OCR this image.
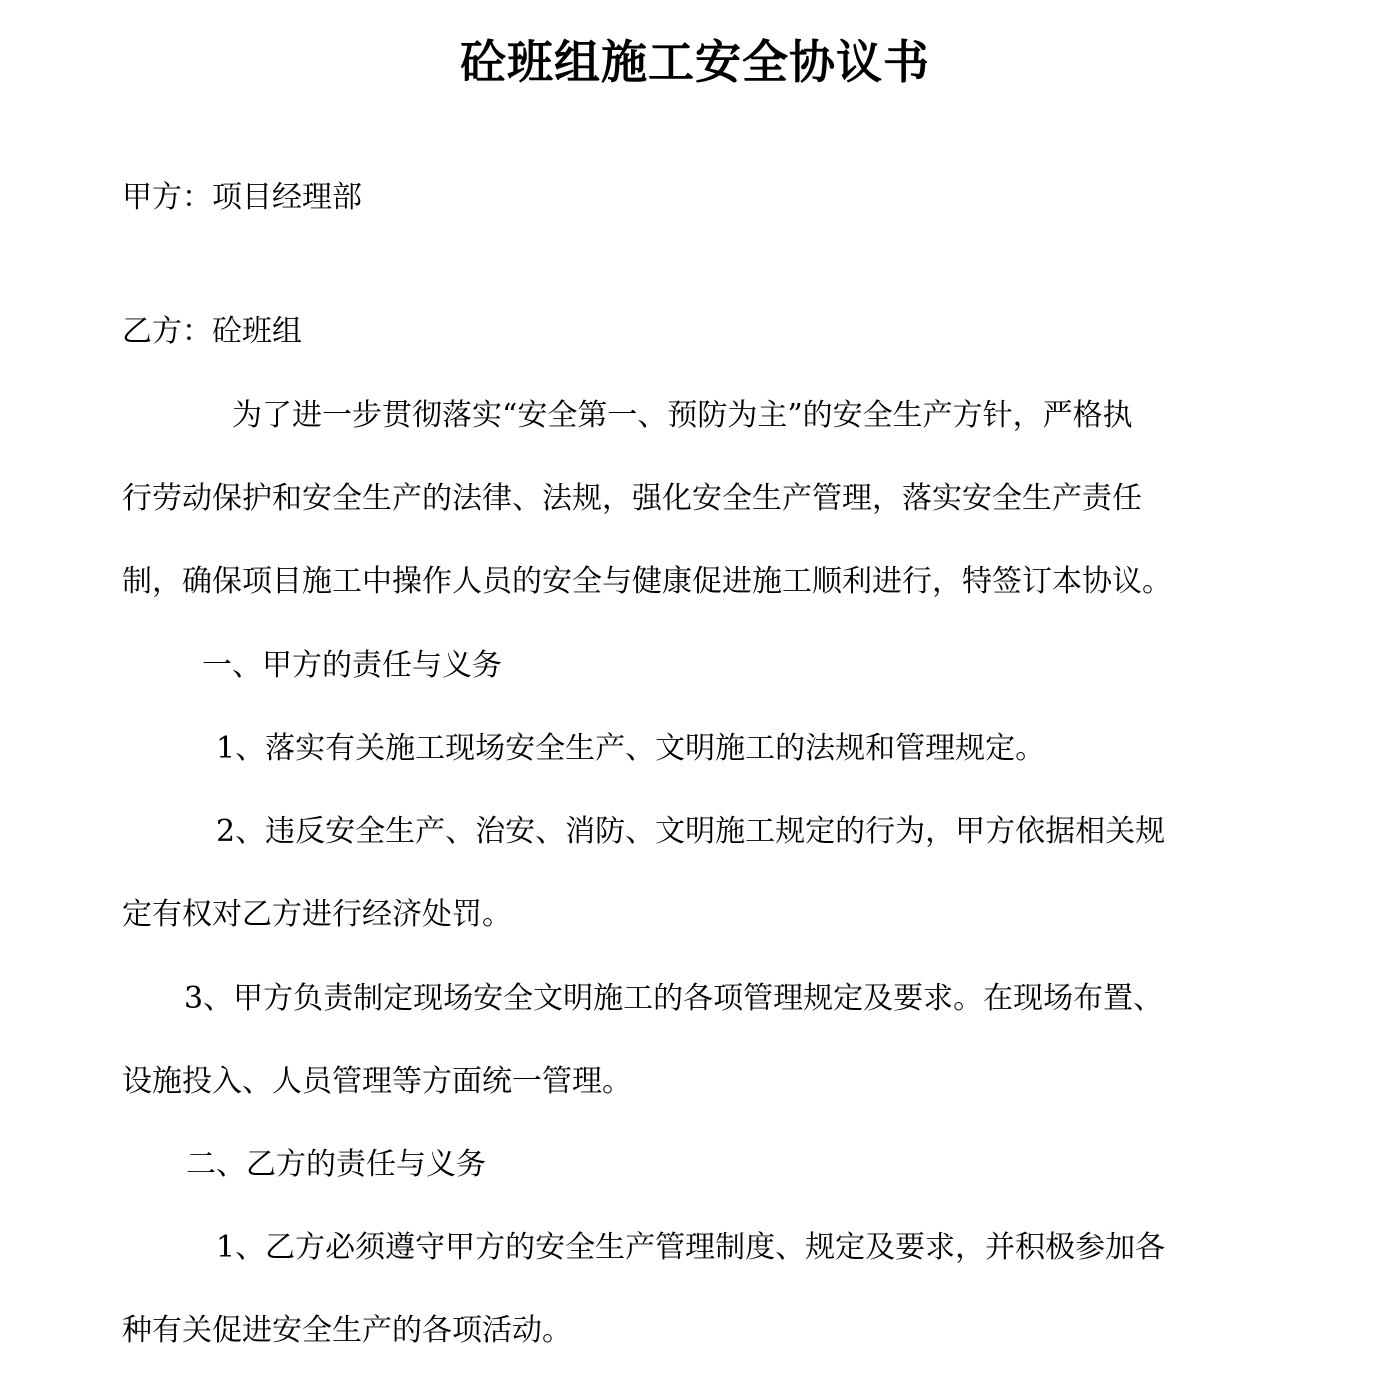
砼班组施工安全协议书
甲方：项目经理部
乙方：砼班组
为了进一步贯彻落实“安全第一、预防为主”的安全生产方针，严格执
行劳动保护和安全生产的法律、法规，强化安全生产管理，落实安全生产责任
制，确保项目施工中操作人员的安全与健康促进施工顺利进行，特签订本协议。
一、甲方的责任与义务
1、落实有关施工现场安全生产、文明施工的法规和管理规定。
2、违反安全生产、治安、消防、文明施工规定的行为，甲方依据相关规
定有权对乙方进行经济处罚。
3、甲方负责制定现场安全文明施工的各项管理规定及要求。在现场布置、
设施投入、人员管理等方面统一管理。
二、乙方的责任与义务
1、乙方必须遵守甲方的安全生产管理制度、规定及要求，并积极参加各
种有关促进安全生产的各项活动。
